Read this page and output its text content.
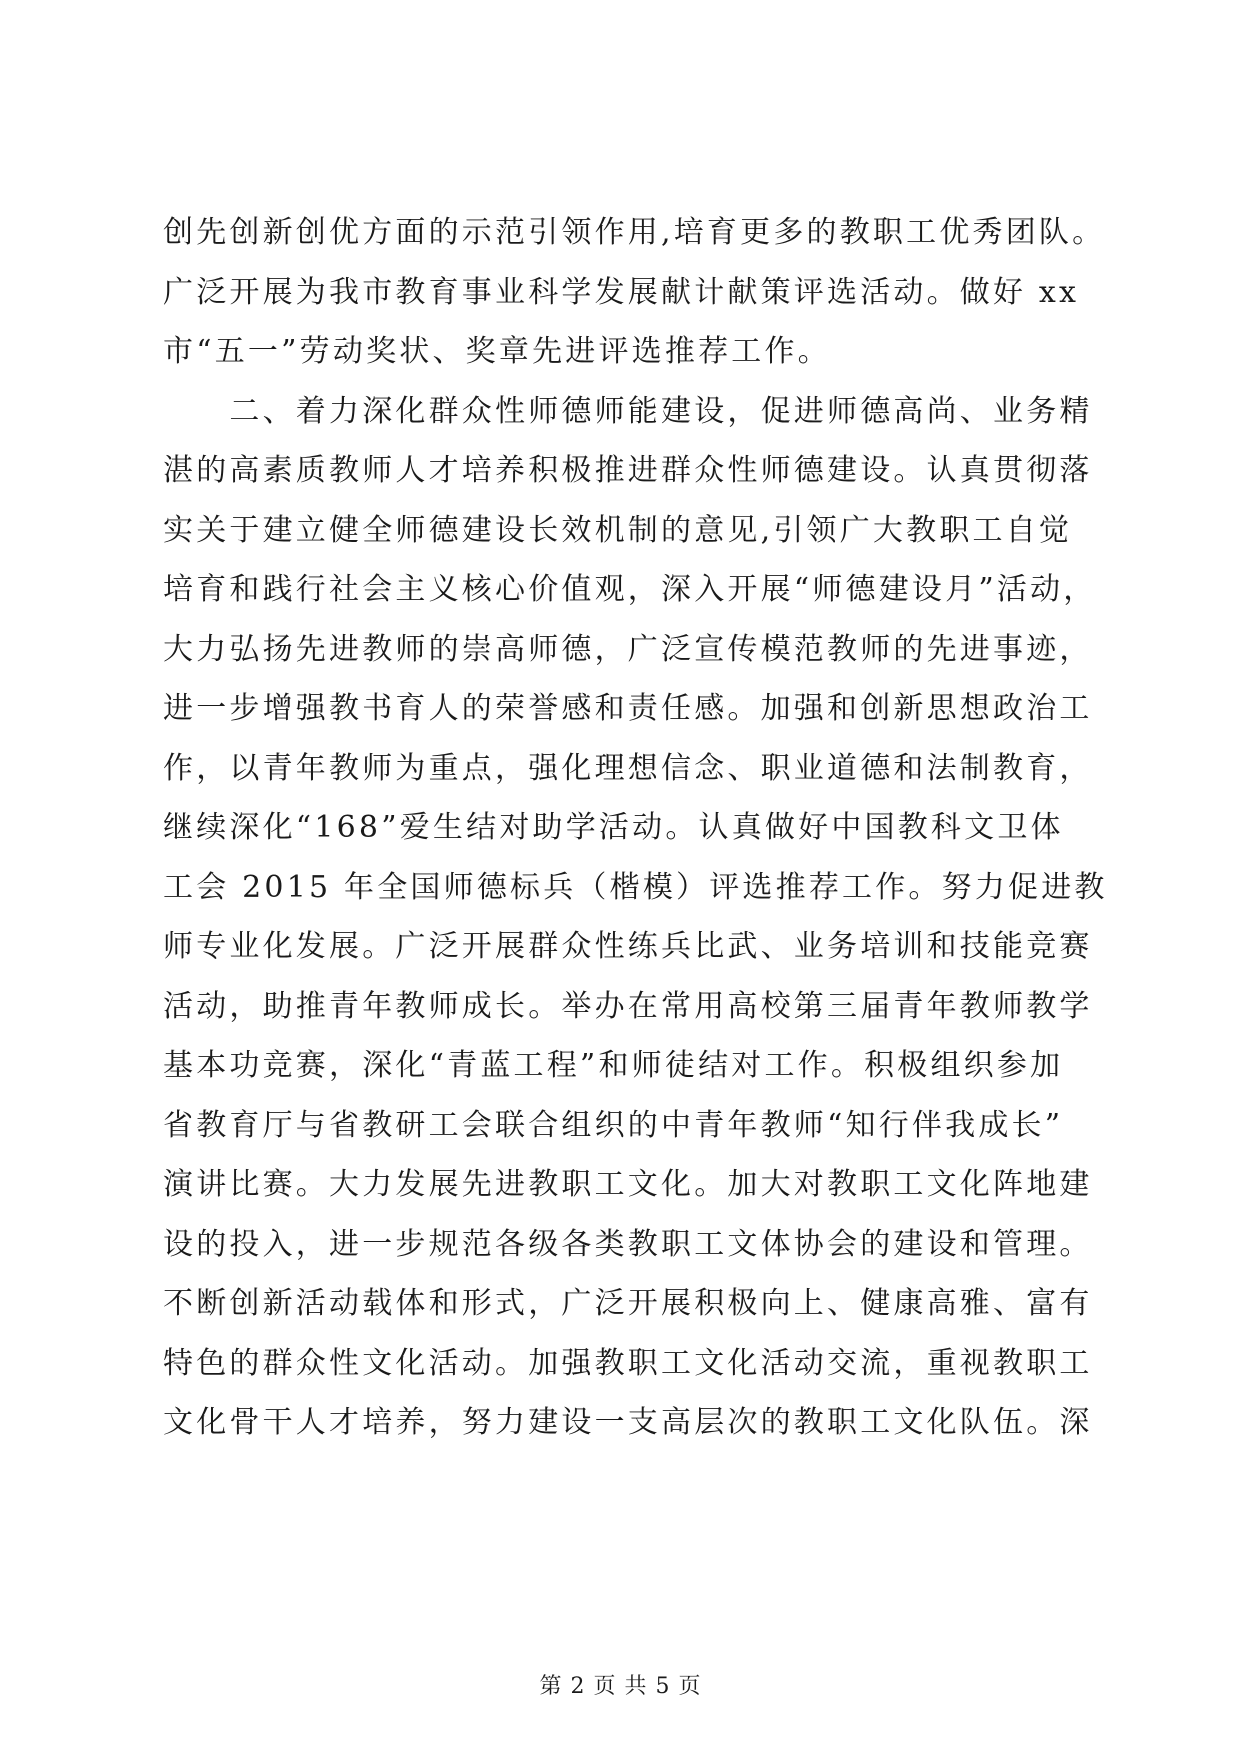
创先创新创优方面的示范引领作用,培育更多的教职工优秀团队。
广泛开展为我市教育事业科学发展献计献策评选活动。做好 xx
市“五一”劳动奖状、奖章先进评选推荐工作。
　　二、着力深化群众性师德师能建设，促进师德高尚、业务精
湛的高素质教师人才培养积极推进群众性师德建设。认真贯彻落
实关于建立健全师德建设长效机制的意见,引领广大教职工自觉
培育和践行社会主义核心价值观，深入开展“师德建设月”活动，
大力弘扬先进教师的崇高师德，广泛宣传模范教师的先进事迹，
进一步增强教书育人的荣誉感和责任感。加强和创新思想政治工
作，以青年教师为重点，强化理想信念、职业道德和法制教育，
继续深化“168”爱生结对助学活动。认真做好中国教科文卫体
工会 2015 年全国师德标兵（楷模）评选推荐工作。努力促进教
师专业化发展。广泛开展群众性练兵比武、业务培训和技能竞赛
活动，助推青年教师成长。举办在常用高校第三届青年教师教学
基本功竞赛，深化“青蓝工程”和师徒结对工作。积极组织参加
省教育厅与省教研工会联合组织的中青年教师“知行伴我成长”
演讲比赛。大力发展先进教职工文化。加大对教职工文化阵地建
设的投入，进一步规范各级各类教职工文体协会的建设和管理。
不断创新活动载体和形式，广泛开展积极向上、健康高雅、富有
特色的群众性文化活动。加强教职工文化活动交流，重视教职工
文化骨干人才培养，努力建设一支高层次的教职工文化队伍。深
第 2 页 共 5 页
